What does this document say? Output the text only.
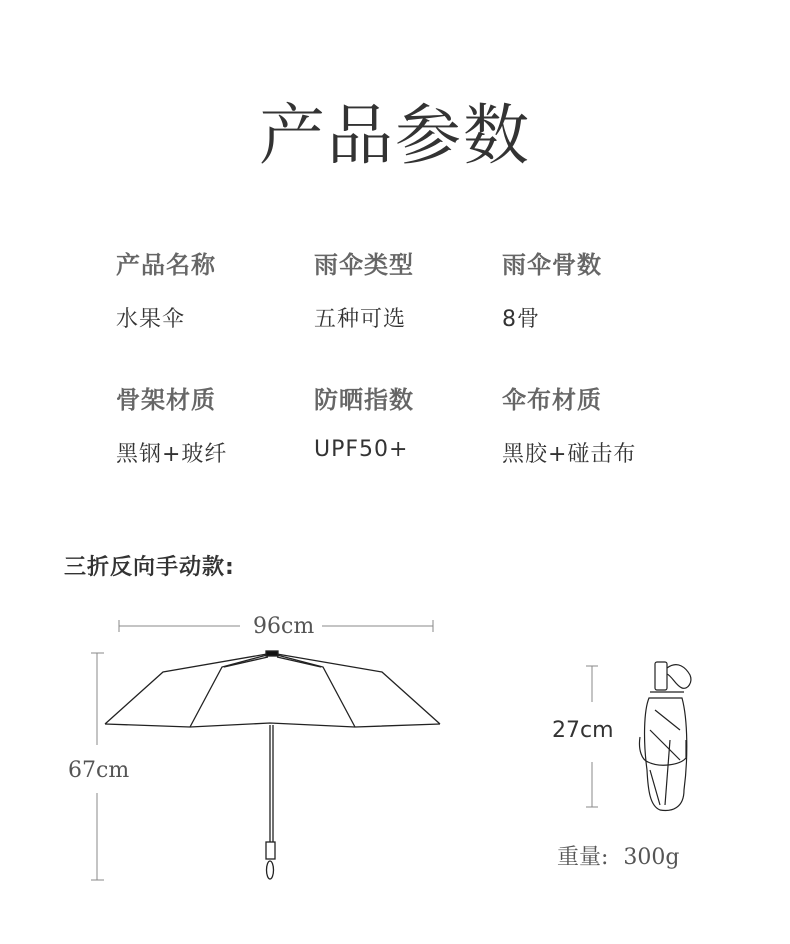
产品参数
产品名称
水果伞
雨伞类型
五种可选
雨伞骨数
8骨
骨架材质
黑钢+玻纤
防晒指数
UPF50+
伞布材质
黑胶+碰击布
三折反向手动款:
96cm
67cm
27cm
重量: 300g
